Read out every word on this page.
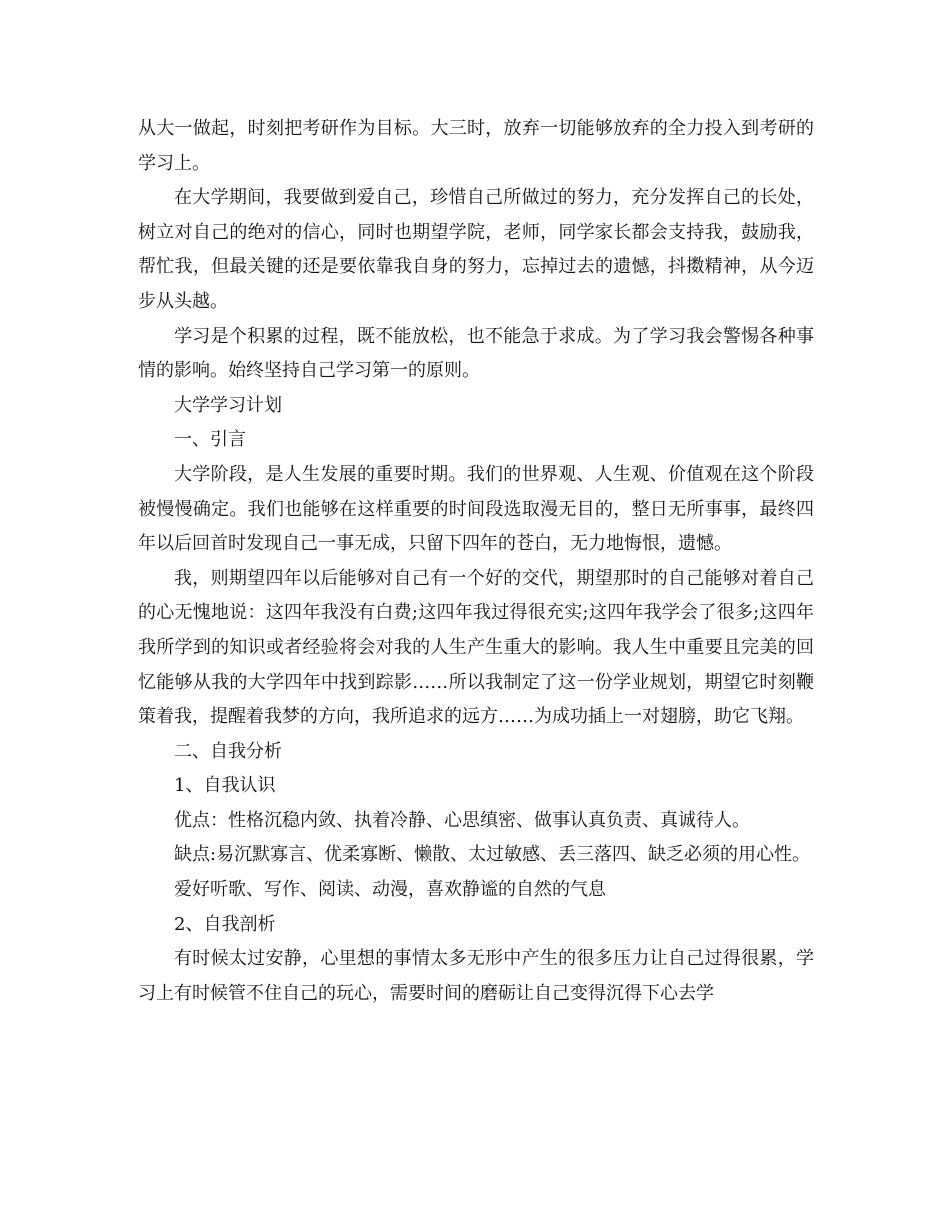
从大一做起，时刻把考研作为目标。大三时，放弃一切能够放弃的全力投入到考研的学习上。

在大学期间，我要做到爱自己，珍惜自己所做过的努力，充分发挥自己的长处，树立对自己的绝对的信心，同时也期望学院，老师，同学家长都会支持我，鼓励我，帮忙我，但最关键的还是要依靠我自身的努力，忘掉过去的遗憾，抖擞精神，从今迈步从头越。

学习是个积累的过程，既不能放松，也不能急于求成。为了学习我会警惕各种事情的影响。始终坚持自己学习第一的原则。

大学学习计划

一、引言

大学阶段，是人生发展的重要时期。我们的世界观、人生观、价值观在这个阶段被慢慢确定。我们也能够在这样重要的时间段选取漫无目的，整日无所事事，最终四年以后回首时发现自己一事无成，只留下四年的苍白，无力地悔恨，遗憾。

我，则期望四年以后能够对自己有一个好的交代，期望那时的自己能够对着自己的心无愧地说：这四年我没有白费;这四年我过得很充实;这四年我学会了很多;这四年我所学到的知识或者经验将会对我的人生产生重大的影响。我人生中重要且完美的回忆能够从我的大学四年中找到踪影……所以我制定了这一份学业规划，期望它时刻鞭策着我，提醒着我梦的方向，我所追求的远方……为成功插上一对翅膀，助它飞翔。

二、自我分析

1、自我认识

优点：性格沉稳内敛、执着冷静、心思缜密、做事认真负责、真诚待人。

缺点:易沉默寡言、优柔寡断、懒散、太过敏感、丢三落四、缺乏必须的用心性。

爱好听歌、写作、阅读、动漫，喜欢静谧的自然的气息

2、自我剖析

有时候太过安静，心里想的事情太多无形中产生的很多压力让自己过得很累，学习上有时候管不住自己的玩心，需要时间的磨砺让自己变得沉得下心去学
